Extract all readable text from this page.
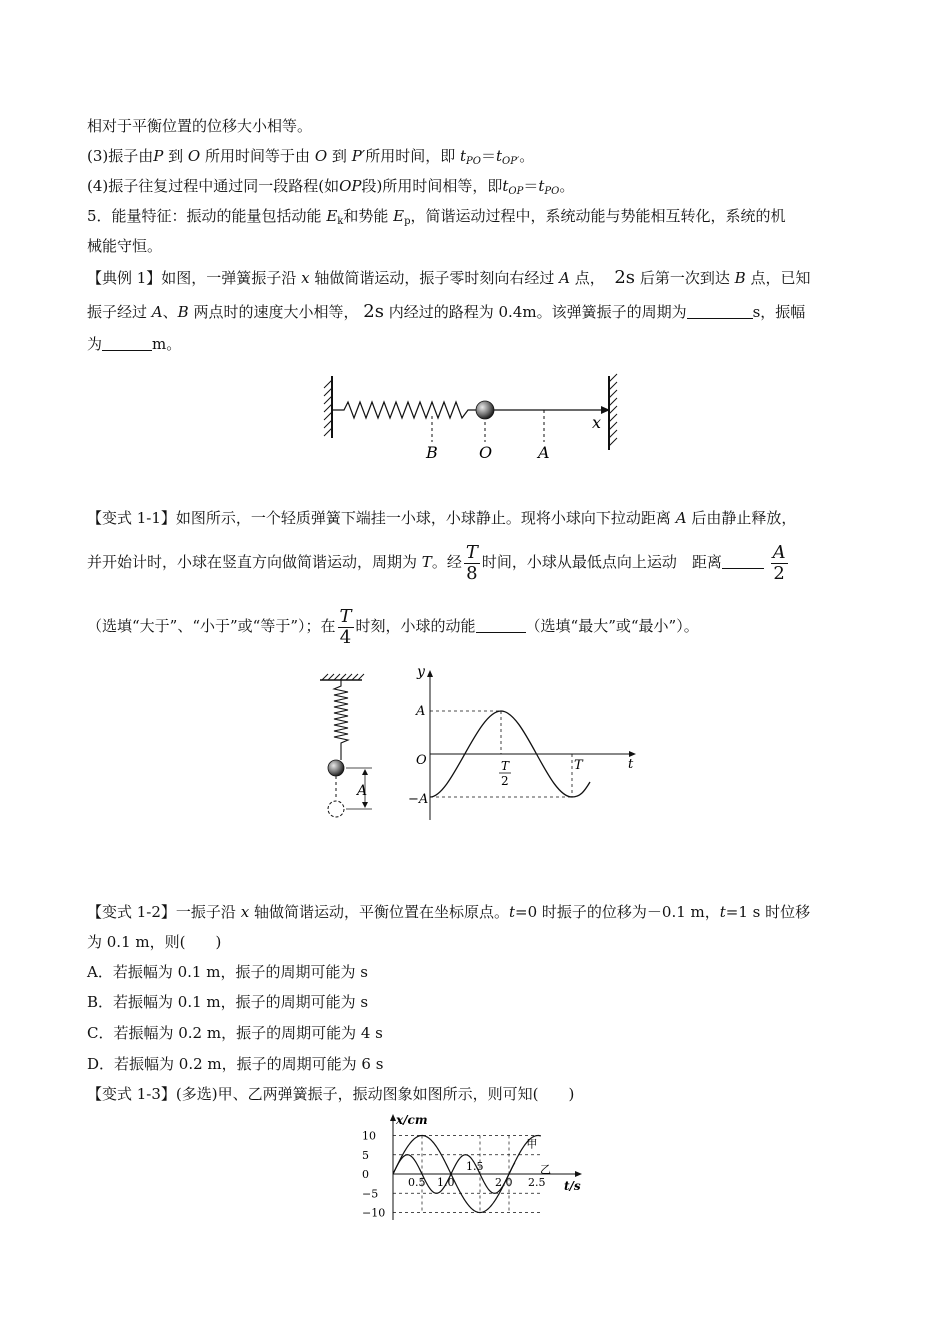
相对于平衡位置的位移大小相等。
(3)振子由P 到 O 所用时间等于由 O 到 P′所用时间，即 $t_{PO}=t_{OP'}$。
(4)振子往复过程中通过同一段路程(如OP段)所用时间相等，即$t_{OP}=t_{PO}$。
5．能量特征：振动的能量包括动能 $E_k$和势能 $E_p$，简谐运动过程中，系统动能与势能相互转化，系统的机
械能守恒。
【典例 1】如图，一弹簧振子沿 x 轴做简谐运动，振子零时刻向右经过 A 点， 2s 后第一次到达 B 点，已知
振子经过 A、B 两点时的速度大小相等， 2s 内经过的路程为 0.4m。该弹簧振子的周期为	s，振幅
为	m。
B	O	A
x
【变式 1-1】如图所示，一个轻质弹簧下端挂一小球，小球静止。现将小球向下拉动距离 A 后由静止释放，
并开始计时，小球在竖直方向做简谐运动，周期为 T。经 $\frac{T}{8}$ 时间，小球从最低点向上运动　距离	$\frac{A}{2}$
（选填“大于”、“小于”或“等于”）；在 $\frac{T}{4}$ 时刻，小球的动能	（选填“最大”或“最小”）。
A
y
A
O
−A
t
T
2
T
【变式 1-2】一振子沿 x 轴做简谐运动，平衡位置在坐标原点。t=0 时振子的位移为－0.1 m，t=1 s 时位移
为 0.1 m，则(　　)
A．若振幅为 0.1 m，振子的周期可能为 s
B．若振幅为 0.1 m，振子的周期可能为 s
C．若振幅为 0.2 m，振子的周期可能为 4 s
D．若振幅为 0.2 m，振子的周期可能为 6 s
【变式 1-3】(多选)甲、乙两弹簧振子，振动图象如图所示，则可知(　　)
x/cm
t/s
10
5
0
−5
−10
0.5 1.0
1.5
2.0 2.5
甲
乙
